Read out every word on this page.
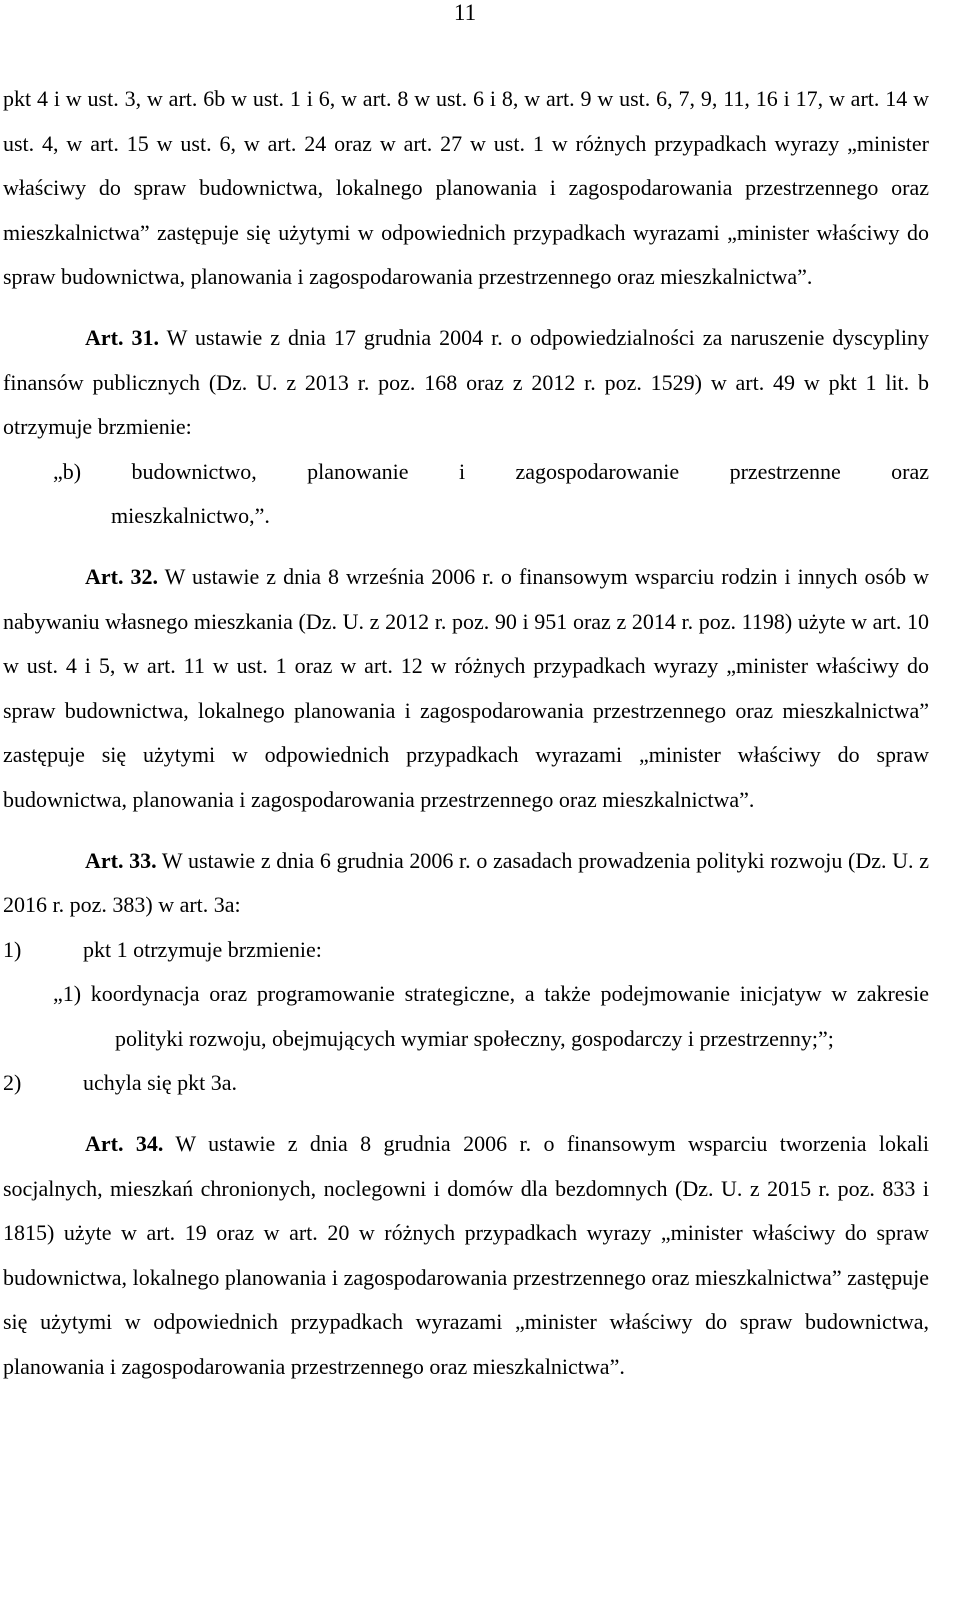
11

pkt 4 i w ust. 3, w art. 6b w ust. 1 i 6, w art. 8 w ust. 6 i 8, w art. 9 w ust. 6, 7, 9, 11, 16 i 17, w art. 14 w ust. 4, w art. 15 w ust. 6, w art. 24 oraz w art. 27 w ust. 1 w różnych przypadkach wyrazy „minister właściwy do spraw budownictwa, lokalnego planowania i zagospodarowania przestrzennego oraz mieszkalnictwa” zastępuje się użytymi w odpowiednich przypadkach wyrazami „minister właściwy do spraw budownictwa, planowania i zagospodarowania przestrzennego oraz mieszkalnictwa”.

Art. 31. W ustawie z dnia 17 grudnia 2004 r. o odpowiedzialności za naruszenie dyscypliny finansów publicznych (Dz. U. z 2013 r. poz. 168 oraz z 2012 r. poz. 1529) w art. 49 w pkt 1 lit. b otrzymuje brzmienie:

„b) budownictwo, planowanie i zagospodarowanie przestrzenne oraz

mieszkalnictwo,”.

Art. 32. W ustawie z dnia 8 września 2006 r. o finansowym wsparciu rodzin i innych osób w nabywaniu własnego mieszkania (Dz. U. z 2012 r. poz. 90 i 951 oraz z 2014 r. poz. 1198) użyte w art. 10 w ust. 4 i 5, w art. 11 w ust. 1 oraz w art. 12 w różnych przypadkach wyrazy „minister właściwy do spraw budownictwa, lokalnego planowania i zagospodarowania przestrzennego oraz mieszkalnictwa” zastępuje się użytymi w odpowiednich przypadkach wyrazami „minister właściwy do spraw budownictwa, planowania i zagospodarowania przestrzennego oraz mieszkalnictwa”.

Art. 33. W ustawie z dnia 6 grudnia 2006 r. o zasadach prowadzenia polityki rozwoju (Dz. U. z 2016 r. poz. 383) w art. 3a:

1)	pkt 1 otrzymuje brzmienie:

„1) koordynacja oraz programowanie strategiczne, a także podejmowanie inicjatyw w zakresie polityki rozwoju, obejmujących wymiar społeczny, gospodarczy i przestrzenny;”;

2)	uchyla się pkt 3a.

Art. 34. W ustawie z dnia 8 grudnia 2006 r. o finansowym wsparciu tworzenia lokali socjalnych, mieszkań chronionych, noclegowni i domów dla bezdomnych (Dz. U. z 2015 r. poz. 833 i 1815) użyte w art. 19 oraz w art. 20 w różnych przypadkach wyrazy „minister właściwy do spraw budownictwa, lokalnego planowania i zagospodarowania przestrzennego oraz mieszkalnictwa” zastępuje się użytymi w odpowiednich przypadkach wyrazami „minister właściwy do spraw budownictwa, planowania i zagospodarowania przestrzennego oraz mieszkalnictwa”.
